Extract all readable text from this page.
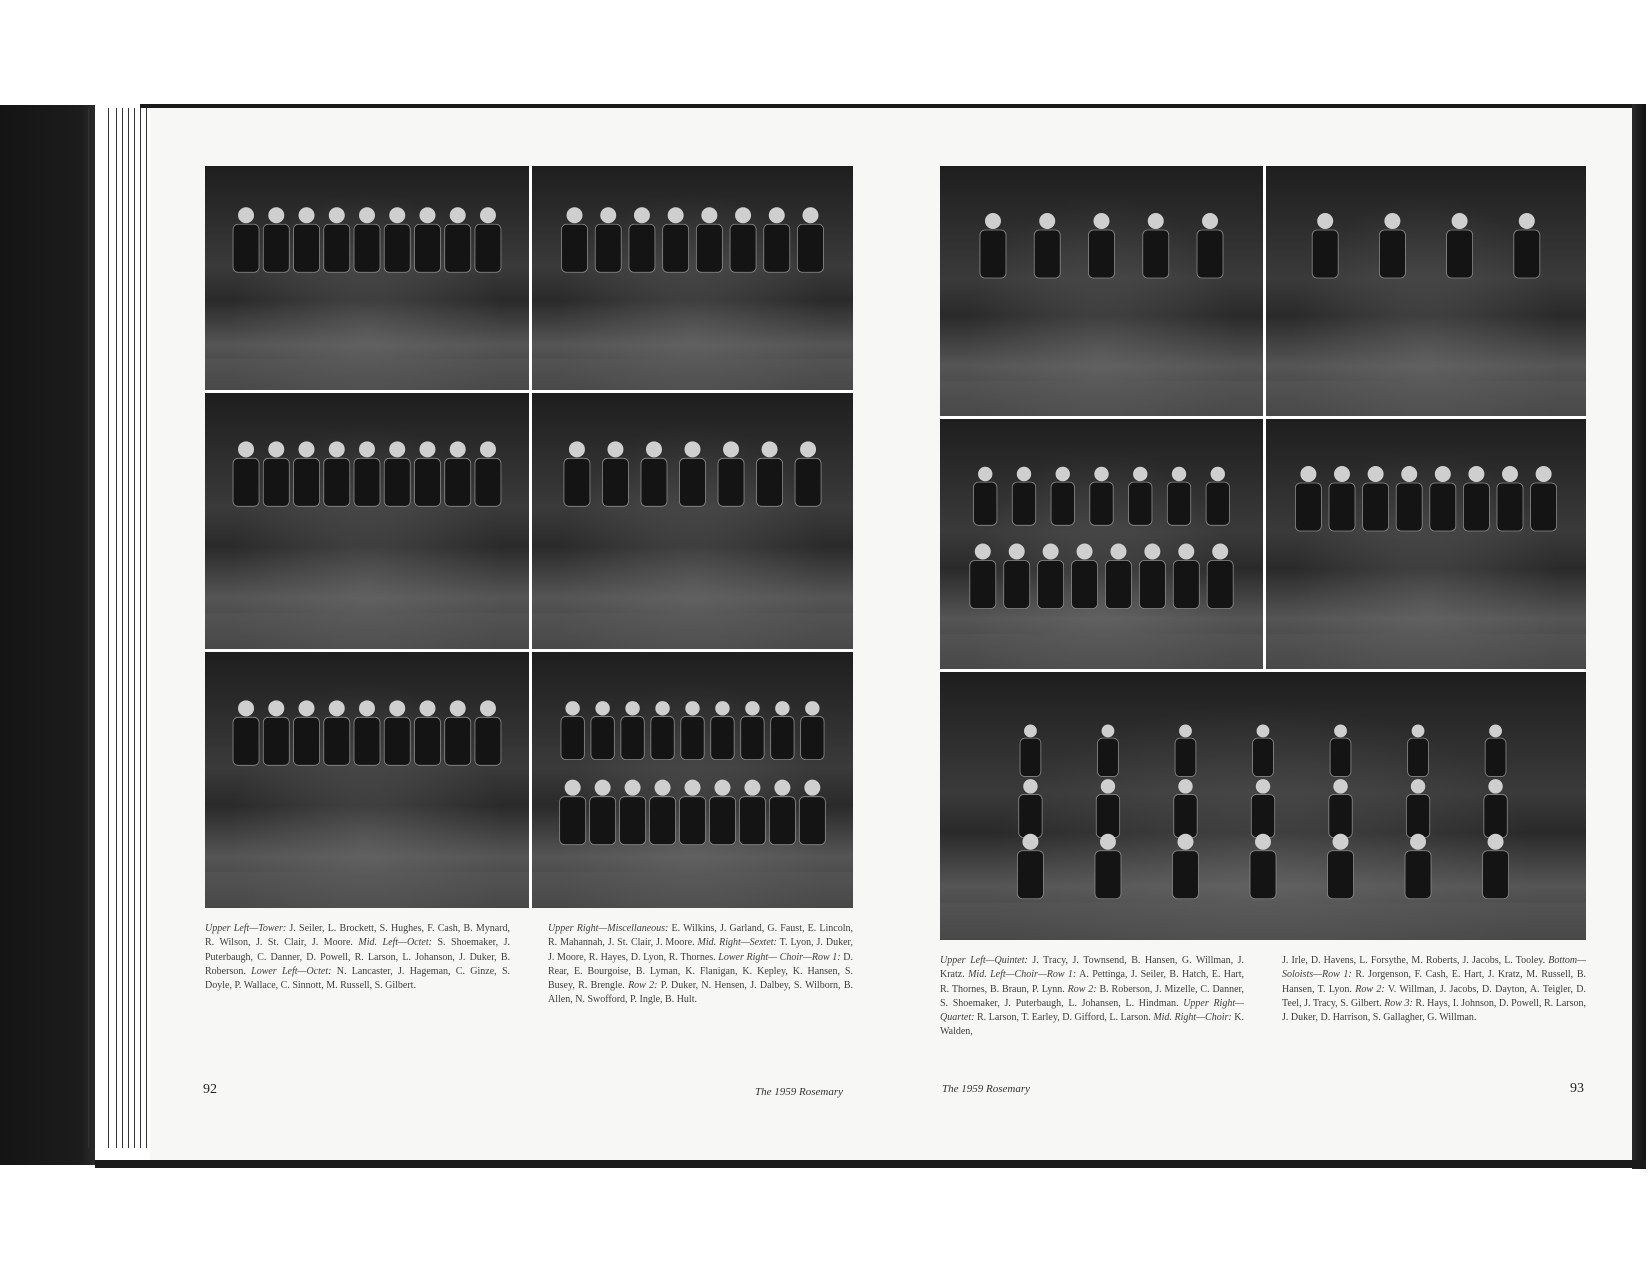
Upper Left—Tower: J. Seiler, L. Brockett, S. Hughes, F. Cash, B. Mynard, R. Wilson, J. St. Clair, J. Moore. Mid. Left—Octet: S. Shoemaker, J. Puterbaugh, C. Danner, D. Powell, R. Larson, L. Johanson, J. Duker, B. Roberson. Lower Left—Octet: N. Lancaster, J. Hageman, C. Ginze, S. Doyle, P. Wallace, C. Sinnott, M. Russell, S. Gilbert.
Upper Right—Miscellaneous: E. Wilkins, J. Garland, G. Faust, E. Lincoln, R. Mahannah, J. St. Clair, J. Moore. Mid. Right—Sextet: T. Lyon, J. Duker, J. Moore, R. Hayes, D. Lyon, R. Thornes. Lower Right— Choir—Row 1: D. Rear, E. Bourgoise, B. Lyman, K. Flanigan, K. Kepley, K. Hansen, S. Busey, R. Brengle. Row 2: P. Duker, N. Hensen, J. Dalbey, S. Wilborn, B. Allen, N. Swofford, P. Ingle, B. Hult.
92	The 1959 Rosemary
Upper Left—Quintet: J. Tracy, J. Townsend, B. Hansen, G. Willman, J. Kratz. Mid. Left—Choir—Row 1: A. Pettinga, J. Seiler, B. Hatch, E. Hart, R. Thornes, B. Braun, P. Lynn. Row 2: B. Roberson, J. Mizelle, C. Danner, S. Shoemaker, J. Puterbaugh, L. Johansen, L. Hindman. Upper Right—Quartet: R. Larson, T. Earley, D. Gifford, L. Larson. Mid. Right—Choir: K. Walden,
J. Irle, D. Havens, L. Forsythe, M. Roberts, J. Jacobs, L. Tooley. Bottom—Soloists—Row 1: R. Jorgenson, F. Cash, E. Hart, J. Kratz, M. Russell, B. Hansen, T. Lyon. Row 2: V. Willman, J. Jacobs, D. Dayton, A. Teigler, D. Teel, J. Tracy, S. Gilbert. Row 3: R. Hays, I. Johnson, D. Powell, R. Larson, J. Duker, D. Harrison, S. Gallagher, G. Willman.
The 1959 Rosemary	93
